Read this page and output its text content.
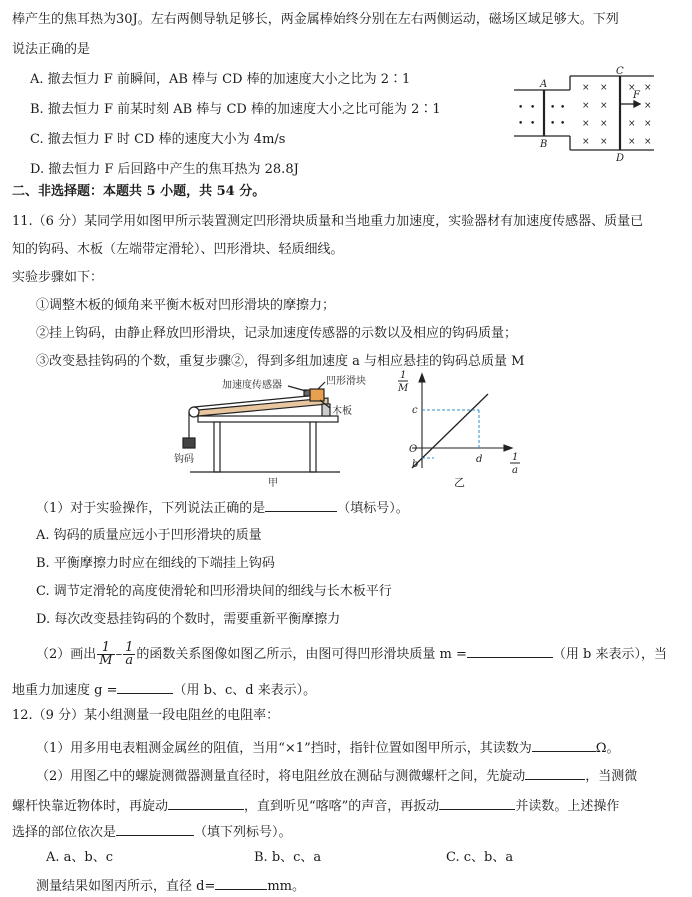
棒产生的焦耳热为30J。左右两侧导轨足够长，两金属棒始终分别在左右两侧运动，磁场区域足够大。下列
说法正确的是
A. 撤去恒力 F 前瞬间，AB 棒与 CD 棒的加速度大小之比为 2∶1
B. 撤去恒力 F 前某时刻 AB 棒与 CD 棒的加速度大小之比可能为 2∶1
C. 撤去恒力 F 时 CD 棒的速度大小为 4m/s
D. 撤去恒力 F 后回路中产生的焦耳热为 28.8J
• • • •
• • • •
× × × ×
× ×	×
× × × ×
× × × ×
A
B
C
D
F
二、非选择题：本题共 5 小题，共 54 分。
11.（6 分）某同学用如图甲所示装置测定凹形滑块质量和当地重力加速度，实验器材有加速度传感器、质量已
知的钩码、木板（左端带定滑轮）、凹形滑块、轻质细线。
实验步骤如下：
①调整木板的倾角来平衡木板对凹形滑块的摩擦力；
②挂上钩码，由静止释放凹形滑块，记录加速度传感器的示数以及相应的钩码质量；
③改变悬挂钩码的个数，重复步骤②，得到多组加速度 a 与相应悬挂的钩码总质量 M
加速度传感器	凹形滑块
木板
钩码
甲
1
M
c
O
b	d	1
a
乙
（1）对于实验操作，下列说法正确的是	（填标号）。
A. 钩码的质量应远小于凹形滑块的质量
B. 平衡摩擦力时应在细线的下端挂上钩码
C. 调节定滑轮的高度使滑轮和凹形滑块间的细线与长木板平行
D. 每次改变悬挂钩码的个数时，需要重新平衡摩擦力
（2）画出 $\frac{1}{M} - \frac{1}{a}$ 的函数关系图像如图乙所示，由图可得凹形滑块质量 m =	（用 b 来表示），当
地重力加速度 g =	（用 b、c、d 来表示）。
12.（9 分）某小组测量一段电阻丝的电阻率：
（1）用多用电表粗测金属丝的阻值，当用“×1”挡时，指针位置如图甲所示，其读数为	Ω。
（2）用图乙中的螺旋测微器测量直径时，将电阻丝放在测砧与测微螺杆之间，先旋动	，当测微
螺杆快靠近物体时，再旋动	，直到听见“喀喀”的声音，再扳动	并读数。上述操作
选择的部位依次是	（填下列标号）。
A. a、b、c	B. b、c、a	C. c、b、a
测量结果如图丙所示，直径 d=	mm。
